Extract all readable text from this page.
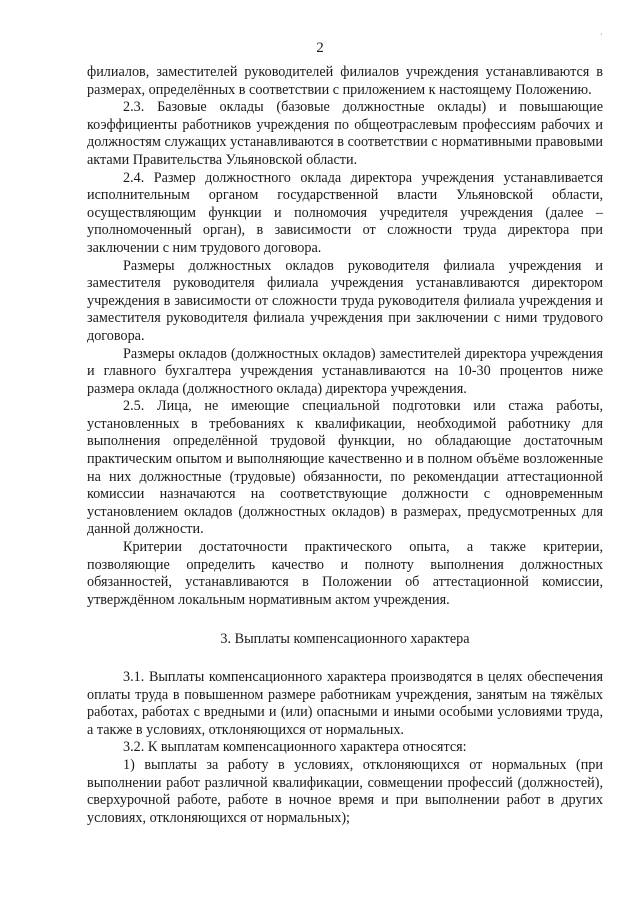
2
·

филиалов, заместителей руководителей филиалов учреждения устанавливаются в размерах, определённых в соответствии с приложением к настоящему Положению.

2.3. Базовые оклады (базовые должностные оклады) и повышающие коэффициенты работников учреждения по общеотраслевым профессиям рабочих и должностям служащих устанавливаются в соответствии с нормативными правовыми актами Правительства Ульяновской области.

2.4. Размер должностного оклада директора учреждения устанавливается исполнительным органом государственной власти Ульяновской области, осуществляющим функции и полномочия учредителя учреждения (далее – уполномоченный орган), в зависимости от сложности труда директора при заключении с ним трудового договора.

Размеры должностных окладов руководителя филиала учреждения и заместителя руководителя филиала учреждения устанавливаются директором учреждения в зависимости от сложности труда руководителя филиала учреждения и заместителя руководителя филиала учреждения при заключении с ними трудового договора.

Размеры окладов (должностных окладов) заместителей директора учреждения и главного бухгалтера учреждения устанавливаются на 10-30 процентов ниже размера оклада (должностного оклада) директора учреждения.

2.5. Лица, не имеющие специальной подготовки или стажа работы, установленных в требованиях к квалификации, необходимой работнику для выполнения определённой трудовой функции, но обладающие достаточным практическим опытом и выполняющие качественно и в полном объёме возложенные на них должностные (трудовые) обязанности, по рекомендации аттестационной комиссии назначаются на соответствующие должности с одновременным установлением окладов (должностных окладов) в размерах, предусмотренных для данной должности.

Критерии достаточности практического опыта, а также критерии, позволяющие определить качество и полноту выполнения должностных обязанностей, устанавливаются в Положении об аттестационной комиссии, утверждённом локальным нормативным актом учреждения.

3. Выплаты компенсационного характера

3.1. Выплаты компенсационного характера производятся в целях обеспечения оплаты труда в повышенном размере работникам учреждения, занятым на тяжёлых работах, работах с вредными и (или) опасными и иными особыми условиями труда, а также в условиях, отклоняющихся от нормальных.

3.2. К выплатам компенсационного характера относятся:

1) выплаты за работу в условиях, отклоняющихся от нормальных (при выполнении работ различной квалификации, совмещении профессий (должностей), сверхурочной работе, работе в ночное время и при выполнении работ в других условиях, отклоняющихся от нормальных);
